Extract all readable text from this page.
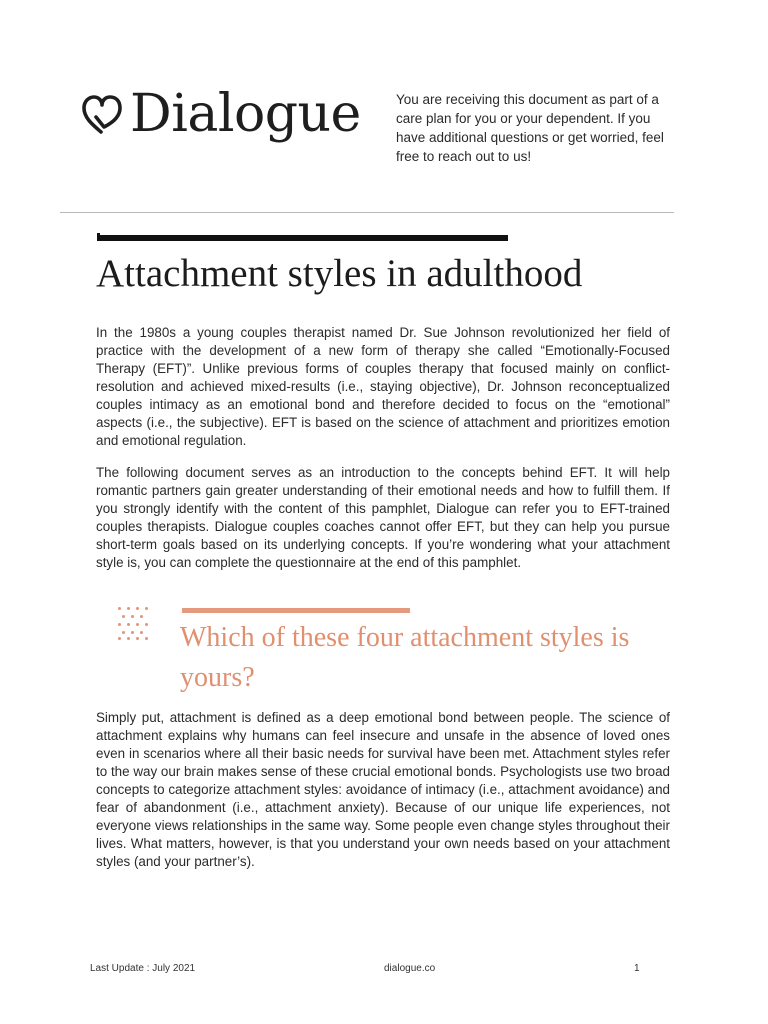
Dialogue	You are receiving this document as part of a care plan for you or your dependent. If you have additional questions or get worried, feel free to reach out to us!

Attachment styles in adulthood

In the 1980s a young couples therapist named Dr. Sue Johnson revolutionized her field of practice with the development of a new form of therapy she called “Emotionally-Focused Therapy (EFT)”. Unlike previous forms of couples therapy that focused mainly on conflict-resolution and achieved mixed-results (i.e., staying objective), Dr. Johnson reconceptualized couples intimacy as an emotional bond and therefore decided to focus on the “emotional” aspects (i.e., the subjective). EFT is based on the science of attachment and prioritizes emotion and emotional regulation.

The following document serves as an introduction to the concepts behind EFT. It will help romantic partners gain greater understanding of their emotional needs and how to fulfill them. If you strongly identify with the content of this pamphlet, Dialogue can refer you to EFT-trained couples therapists. Dialogue couples coaches cannot offer EFT, but they can help you pursue short-term goals based on its underlying concepts. If you’re wondering what your attachment style is, you can complete the questionnaire at the end of this pamphlet.

Which of these four attachment styles is yours?

Simply put, attachment is defined as a deep emotional bond between people. The science of attachment explains why humans can feel insecure and unsafe in the absence of loved ones even in scenarios where all their basic needs for survival have been met. Attachment styles refer to the way our brain makes sense of these crucial emotional bonds. Psychologists use two broad concepts to categorize attachment styles: avoidance of intimacy (i.e., attachment avoidance) and fear of abandonment (i.e., attachment anxiety). Because of our unique life experiences, not everyone views relationships in the same way. Some people even change styles throughout their lives. What matters, however, is that you understand your own needs based on your attachment styles (and your partner’s).

Last Update : July 2021	dialogue.co	1
